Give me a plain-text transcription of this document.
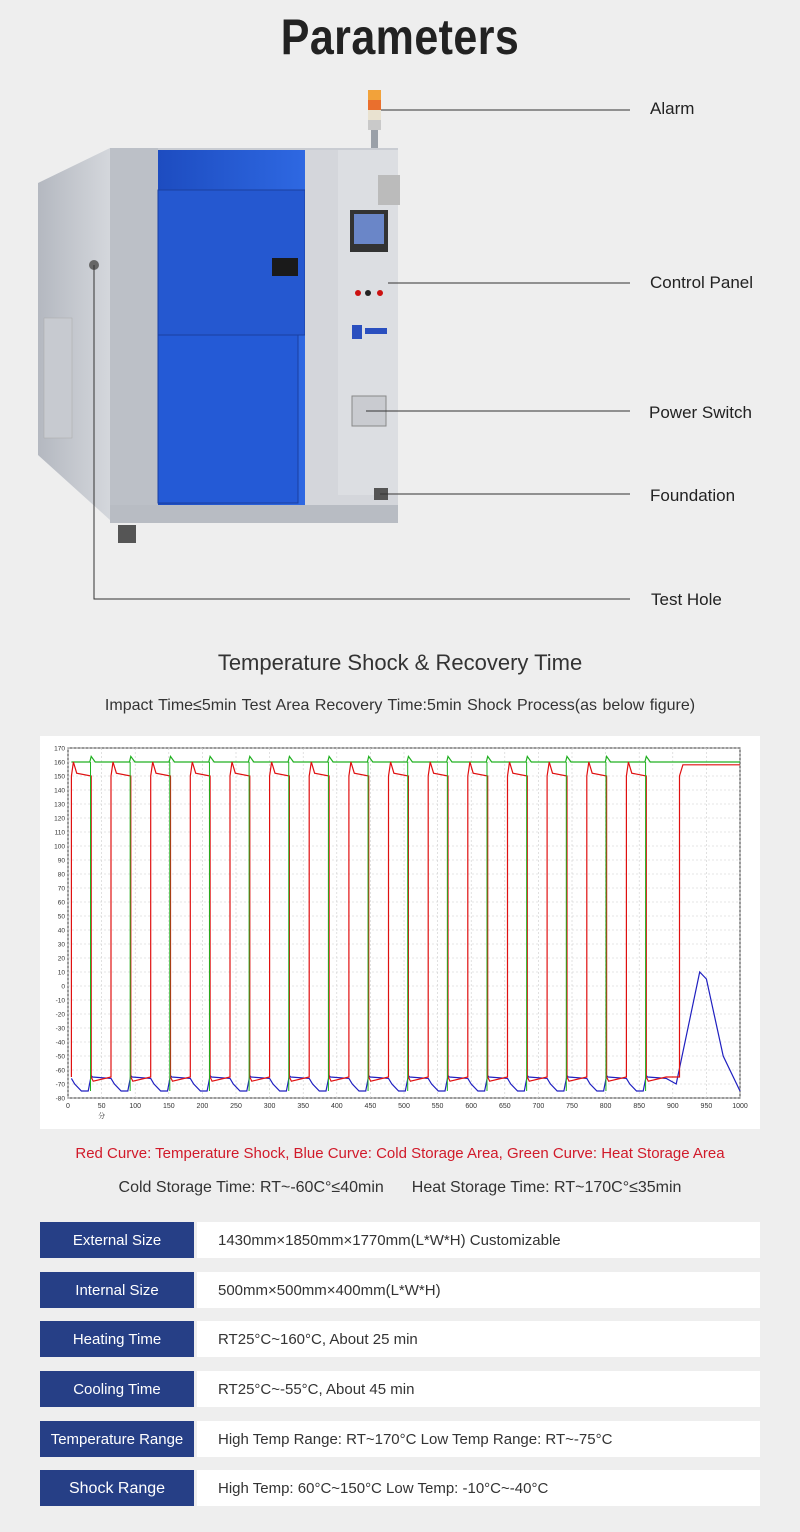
Parameters
Alarm
Control Panel
Power Switch
Foundation
Test Hole
Temperature Shock & Recovery Time
Impact Time≤5min Test Area Recovery Time:5min Shock Process(as below figure)
170
160
150
140
130
120
110
100
90
80
70
60
50
40
30
20
10
0
-10
-20
-30
-40
-50
-60
-70
-80
0	50	100	150	200	250	300	350	400	450	500	550	600	650	700	750	800	850	900	950	1000
分
Red Curve: Temperature Shock, Blue Curve: Cold Storage Area, Green Curve: Heat Storage Area
Cold Storage Time: RT~-60C°≤40min Heat Storage Time: RT~170C°≤35min
External Size	1430mm×1850mm×1770mm(L*W*H) Customizable
Internal Size	500mm×500mm×400mm(L*W*H)
Heating Time	RT25°C~160°C, About 25 min
Cooling Time	RT25°C~-55°C, About 45 min
Temperature Range	High Temp Range: RT~170°C Low Temp Range: RT~-75°C
Shock Range	High Temp: 60°C~150°C Low Temp: -10°C~-40°C
